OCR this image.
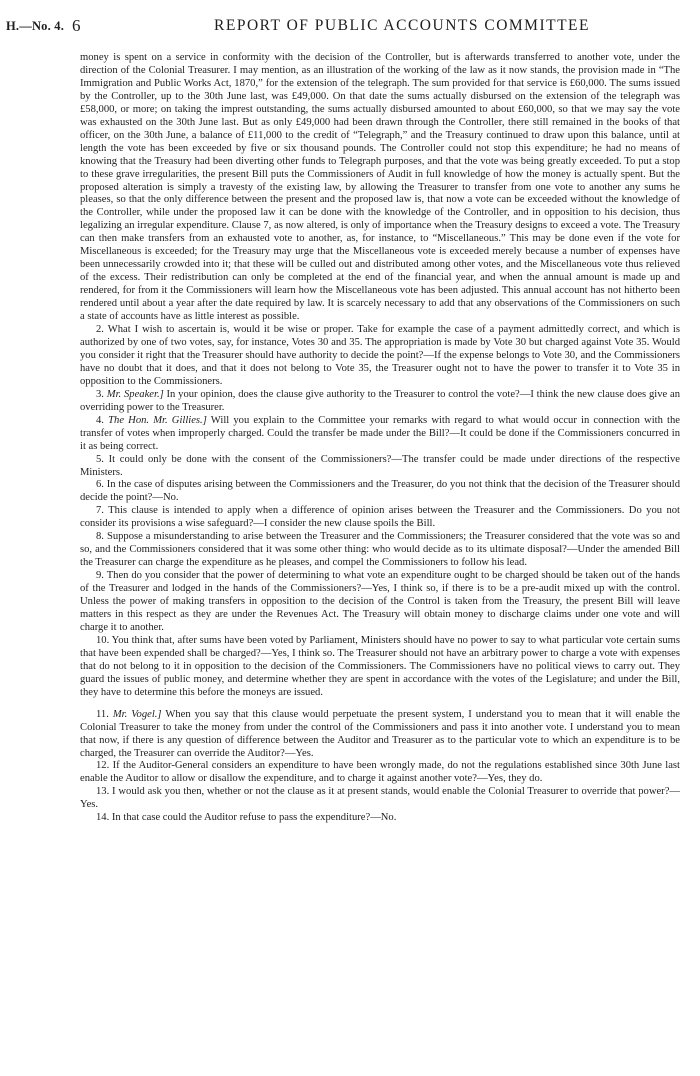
H.—No. 4. 6	REPORT OF PUBLIC ACCOUNTS COMMITTEE

money is spent on a service in conformity with the decision of the Controller, but is afterwards transferred to another vote, under the direction of the Colonial Treasurer. I may mention, as an illustration of the working of the law as it now stands, the provision made in “The Immigration and Public Works Act, 1870,” for the extension of the telegraph. The sum provided for that service is £60,000. The sums issued by the Controller, up to the 30th June last, was £49,000. On that date the sums actually disbursed on the extension of the telegraph was £58,000, or more; on taking the imprest outstanding, the sums actually disbursed amounted to about £60,000, so that we may say the vote was exhausted on the 30th June last. But as only £49,000 had been drawn through the Controller, there still remained in the books of that officer, on the 30th June, a balance of £11,000 to the credit of “Telegraph,” and the Treasury continued to draw upon this balance, until at length the vote has been exceeded by five or six thousand pounds. The Controller could not stop this expenditure; he had no means of knowing that the Treasury had been diverting other funds to Telegraph purposes, and that the vote was being greatly exceeded. To put a stop to these grave irregularities, the present Bill puts the Commissioners of Audit in full knowledge of how the money is actually spent. But the proposed alteration is simply a travesty of the existing law, by allowing the Treasurer to transfer from one vote to another any sums he pleases, so that the only difference between the present and the proposed law is, that now a vote can be exceeded without the knowledge of the Controller, while under the proposed law it can be done with the knowledge of the Controller, and in opposition to his decision, thus legalizing an irregular expenditure. Clause 7, as now altered, is only of importance when the Treasury designs to exceed a vote. The Treasury can then make transfers from an exhausted vote to another, as, for instance, to “Miscellaneous.” This may be done even if the vote for Miscellaneous is exceeded; for the Treasury may urge that the Miscellaneous vote is exceeded merely because a number of expenses have been unnecessarily crowded into it; that these will be culled out and distributed among other votes, and the Miscellaneous vote thus relieved of the excess. Their redistribution can only be completed at the end of the financial year, and when the annual amount is made up and rendered, for from it the Commissioners will learn how the Miscellaneous vote has been adjusted. This annual account has not hitherto been rendered until about a year after the date required by law. It is scarcely necessary to add that any observations of the Commissioners on such a state of accounts have as little interest as possible.

2. What I wish to ascertain is, would it be wise or proper. Take for example the case of a payment admittedly correct, and which is authorized by one of two votes, say, for instance, Votes 30 and 35. The appropriation is made by Vote 30 but charged against Vote 35. Would you consider it right that the Treasurer should have authority to decide the point?—If the expense belongs to Vote 30, and the Commissioners have no doubt that it does, and that it does not belong to Vote 35, the Treasurer ought not to have the power to transfer it to Vote 35 in opposition to the Commissioners.

3. Mr. Speaker.] In your opinion, does the clause give authority to the Treasurer to control the vote?—I think the new clause does give an overriding power to the Treasurer.

4. The Hon. Mr. Gillies.] Will you explain to the Committee your remarks with regard to what would occur in connection with the transfer of votes when improperly charged. Could the transfer be made under the Bill?—It could be done if the Commissioners concurred in it as being correct.

5. It could only be done with the consent of the Commissioners?—The transfer could be made under directions of the respective Ministers.

6. In the case of disputes arising between the Commissioners and the Treasurer, do you not think that the decision of the Treasurer should decide the point?—No.

7. This clause is intended to apply when a difference of opinion arises between the Treasurer and the Commissioners. Do you not consider its provisions a wise safeguard?—I consider the new clause spoils the Bill.

8. Suppose a misunderstanding to arise between the Treasurer and the Commissioners; the Treasurer considered that the vote was so and so, and the Commissioners considered that it was some other thing: who would decide as to its ultimate disposal?—Under the amended Bill the Treasurer can charge the expenditure as he pleases, and compel the Commissioners to follow his lead.

9. Then do you consider that the power of determining to what vote an expenditure ought to be charged should be taken out of the hands of the Treasurer and lodged in the hands of the Commissioners?—Yes, I think so, if there is to be a pre-audit mixed up with the control. Unless the power of making transfers in opposition to the decision of the Control is taken from the Treasury, the present Bill will leave matters in this respect as they are under the Revenues Act. The Treasury will obtain money to discharge claims under one vote and will charge it to another.

10. You think that, after sums have been voted by Parliament, Ministers should have no power to say to what particular vote certain sums that have been expended shall be charged?—Yes, I think so. The Treasurer should not have an arbitrary power to charge a vote with expenses that do not belong to it in opposition to the decision of the Commissioners. The Commissioners have no political views to carry out. They guard the issues of public money, and determine whether they are spent in accordance with the votes of the Legislature; and under the Bill, they have to determine this before the moneys are issued.

11. Mr. Vogel.] When you say that this clause would perpetuate the present system, I understand you to mean that it will enable the Colonial Treasurer to take the money from under the control of the Commissioners and pass it into another vote. I understand you to mean that now, if there is any question of difference between the Auditor and Treasurer as to the particular vote to which an expenditure is to be charged, the Treasurer can override the Auditor?—Yes.

12. If the Auditor-General considers an expenditure to have been wrongly made, do not the regulations established since 30th June last enable the Auditor to allow or disallow the expenditure, and to charge it against another vote?—Yes, they do.

13. I would ask you then, whether or not the clause as it at present stands, would enable the Colonial Treasurer to override that power?—Yes.

14. In that case could the Auditor refuse to pass the expenditure?—No.
